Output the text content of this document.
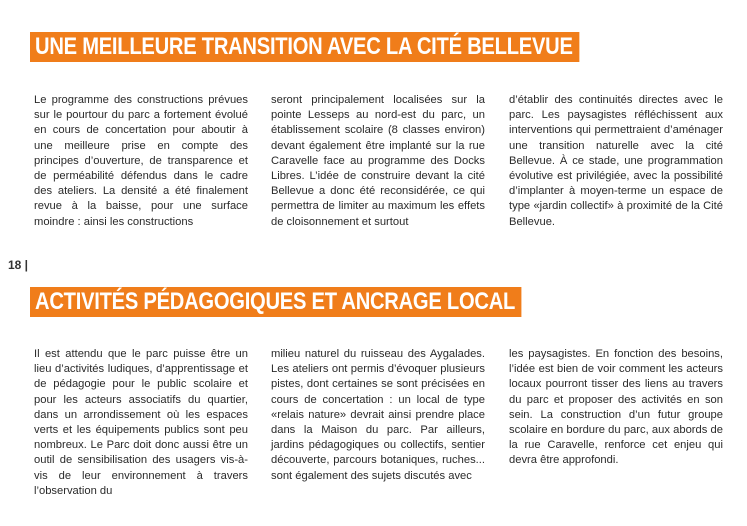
UNE MEILLEURE TRANSITION AVEC LA CITÉ BELLEVUE

Le programme des constructions prévues sur le pourtour du parc a fortement évolué en cours de concertation pour aboutir à une meilleure prise en compte des principes d’ouverture, de transparence et de perméabilité défendus dans le cadre des ateliers. La densité a été finalement revue à la baisse, pour une surface moindre : ainsi les constructions

seront principalement localisées sur la pointe Lesseps au nord-est du parc, un établissement scolaire (8 classes environ) devant également être implanté sur la rue Caravelle face au programme des Docks Libres. L’idée de construire devant la cité Bellevue a donc été reconsidérée, ce qui permettra de limiter au maximum les effets de cloisonnement et surtout

d’établir des continuités directes avec le parc. Les paysagistes réfléchissent aux interventions qui permettraient d’aménager une transition naturelle avec la cité Bellevue. À ce stade, une programmation évolutive est privilégiée, avec la possibilité d’implanter à moyen-terme un espace de type «jardin collectif» à proximité de la Cité Bellevue.

18 |
ACTIVITÉS PÉDAGOGIQUES ET ANCRAGE LOCAL

Il est attendu que le parc puisse être un lieu d’activités ludiques, d’apprentissage et de pédagogie pour le public scolaire et pour les acteurs associatifs du quartier, dans un arrondissement où les espaces verts et les équipements publics sont peu nombreux. Le Parc doit donc aussi être un outil de sensibilisation des usagers vis-à-vis de leur environnement à travers l’observation du

milieu naturel du ruisseau des Aygalades. Les ateliers ont permis d’évoquer plusieurs pistes, dont certaines se sont précisées en cours de concertation : un local de type «relais nature» devrait ainsi prendre place dans la Maison du parc. Par ailleurs, jardins pédagogiques ou collectifs, sentier découverte, parcours botaniques, ruches... sont également des sujets discutés avec

les paysagistes. En fonction des besoins, l’idée est bien de voir comment les acteurs locaux pourront tisser des liens au travers du parc et proposer des activités en son sein. La construction d’un futur groupe scolaire en bordure du parc, aux abords de la rue Caravelle, renforce cet enjeu qui devra être approfondi.
